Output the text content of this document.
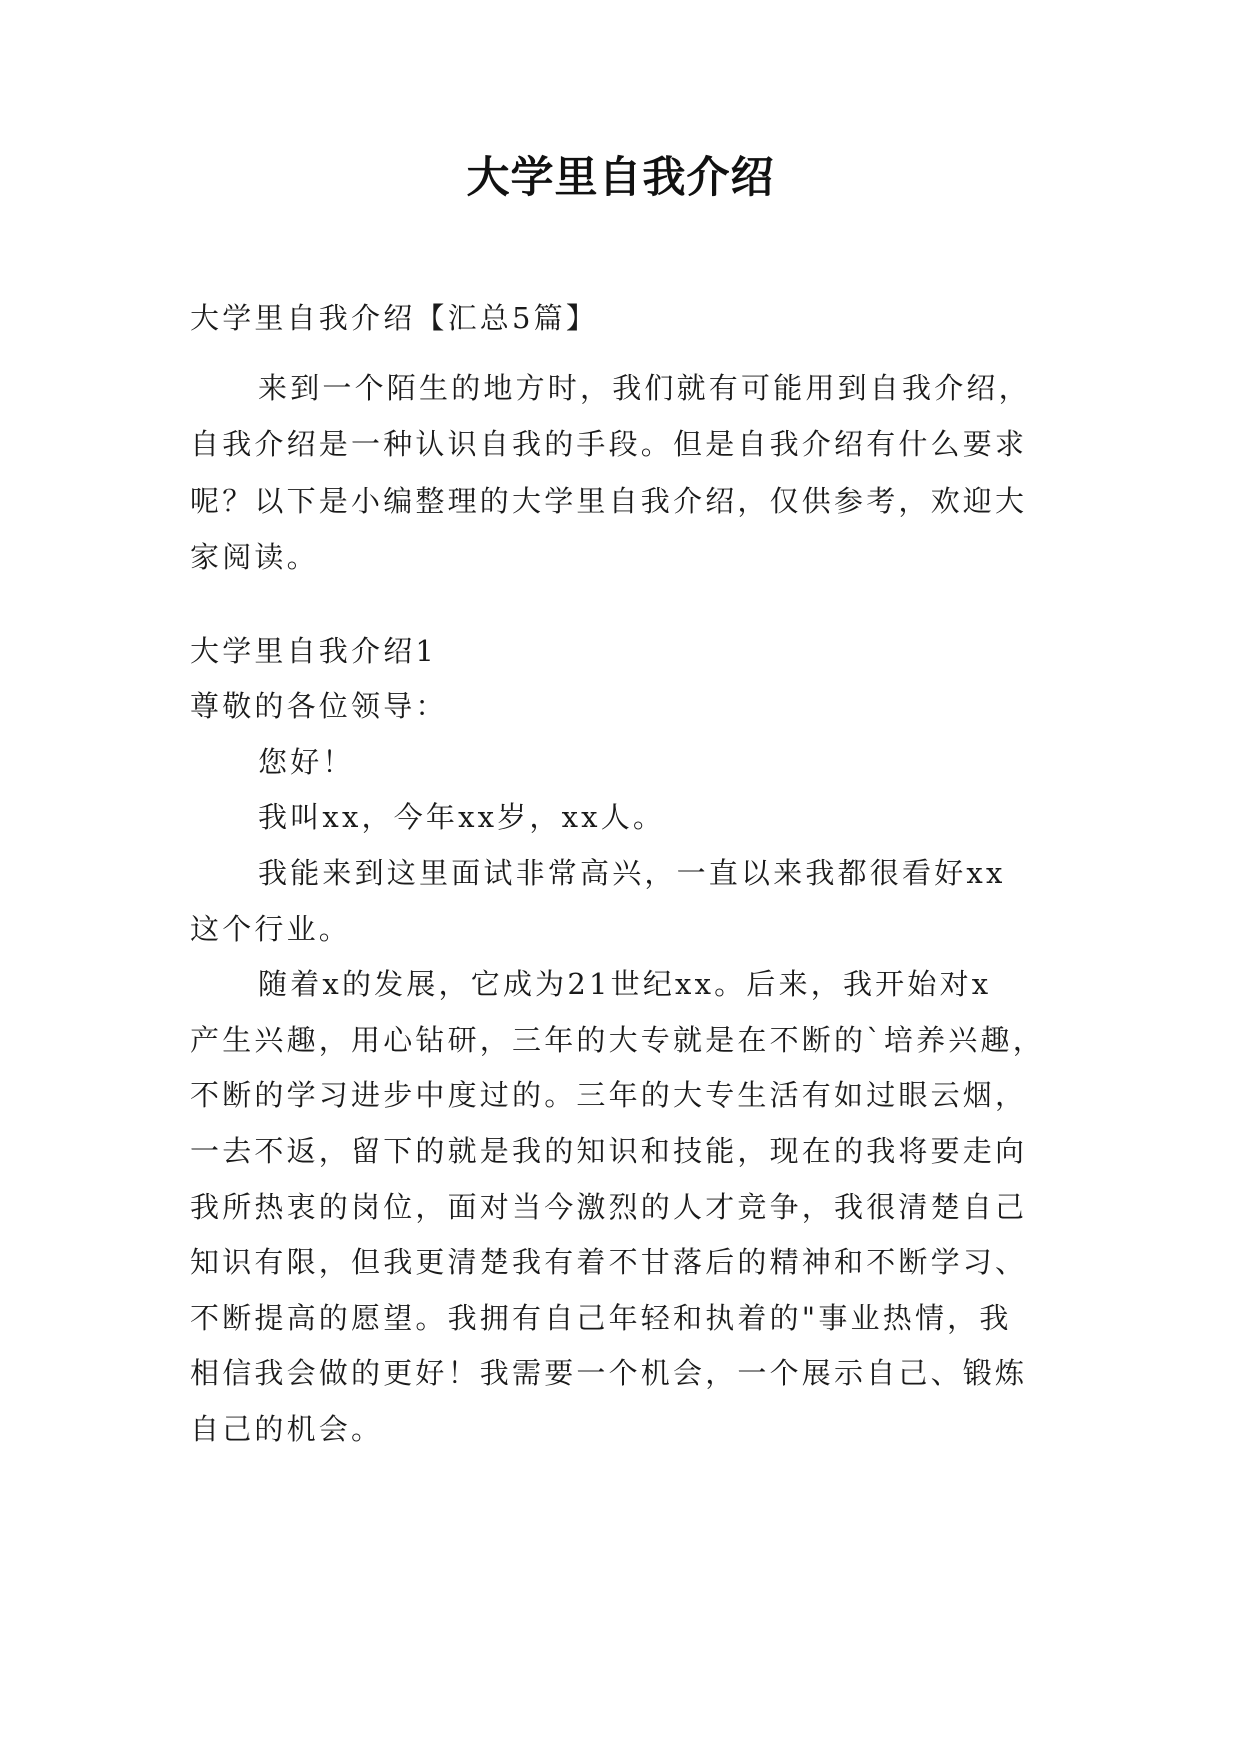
大学里自我介绍
大学里自我介绍【汇总5篇】
来到一个陌生的地方时，我们就有可能用到自我介绍，
自我介绍是一种认识自我的手段。但是自我介绍有什么要求
呢？以下是小编整理的大学里自我介绍，仅供参考，欢迎大
家阅读。
大学里自我介绍1
尊敬的各位领导：
您好！
我叫xx，今年xx岁，xx人。
我能来到这里面试非常高兴，一直以来我都很看好xx
这个行业。
随着x的发展，它成为21世纪xx。后来，我开始对x
产生兴趣，用心钻研，三年的大专就是在不断的`培养兴趣，
不断的学习进步中度过的。三年的大专生活有如过眼云烟，
一去不返，留下的就是我的知识和技能，现在的我将要走向
我所热衷的岗位，面对当今激烈的人才竞争，我很清楚自己
知识有限，但我更清楚我有着不甘落后的精神和不断学习、
不断提高的愿望。我拥有自己年轻和执着的"事业热情，我
相信我会做的更好！我需要一个机会，一个展示自己、锻炼
自己的机会。
